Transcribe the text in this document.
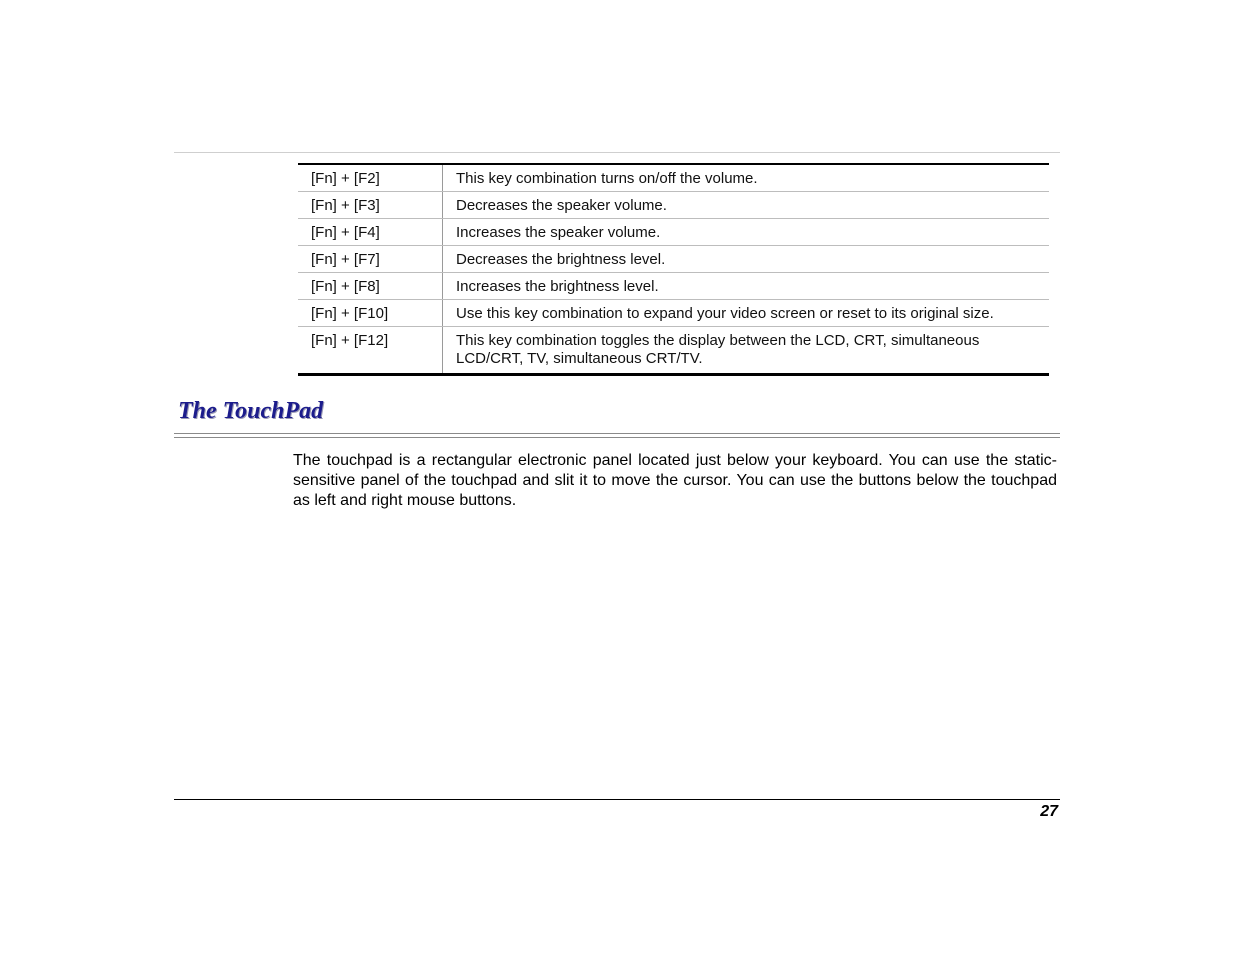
[Fn] + [F2]	This key combination turns on/off the volume.
[Fn] + [F3]	Decreases the speaker volume.
[Fn] + [F4]	Increases the speaker volume.
[Fn] + [F7]	Decreases the brightness level.
[Fn] + [F8]	Increases the brightness level.
[Fn] + [F10]	Use this key combination to expand your video screen or reset to its original size.
[Fn] + [F12]	This key combination toggles the display between the LCD, CRT, simultaneous LCD/CRT, TV, simultaneous CRT/TV.
The TouchPad

The touchpad is a rectangular electronic panel located just below your keyboard. You can use the static-sensitive panel of the touchpad and slit it to move the cursor. You can use the buttons below the touchpad as left and right mouse buttons.

27
